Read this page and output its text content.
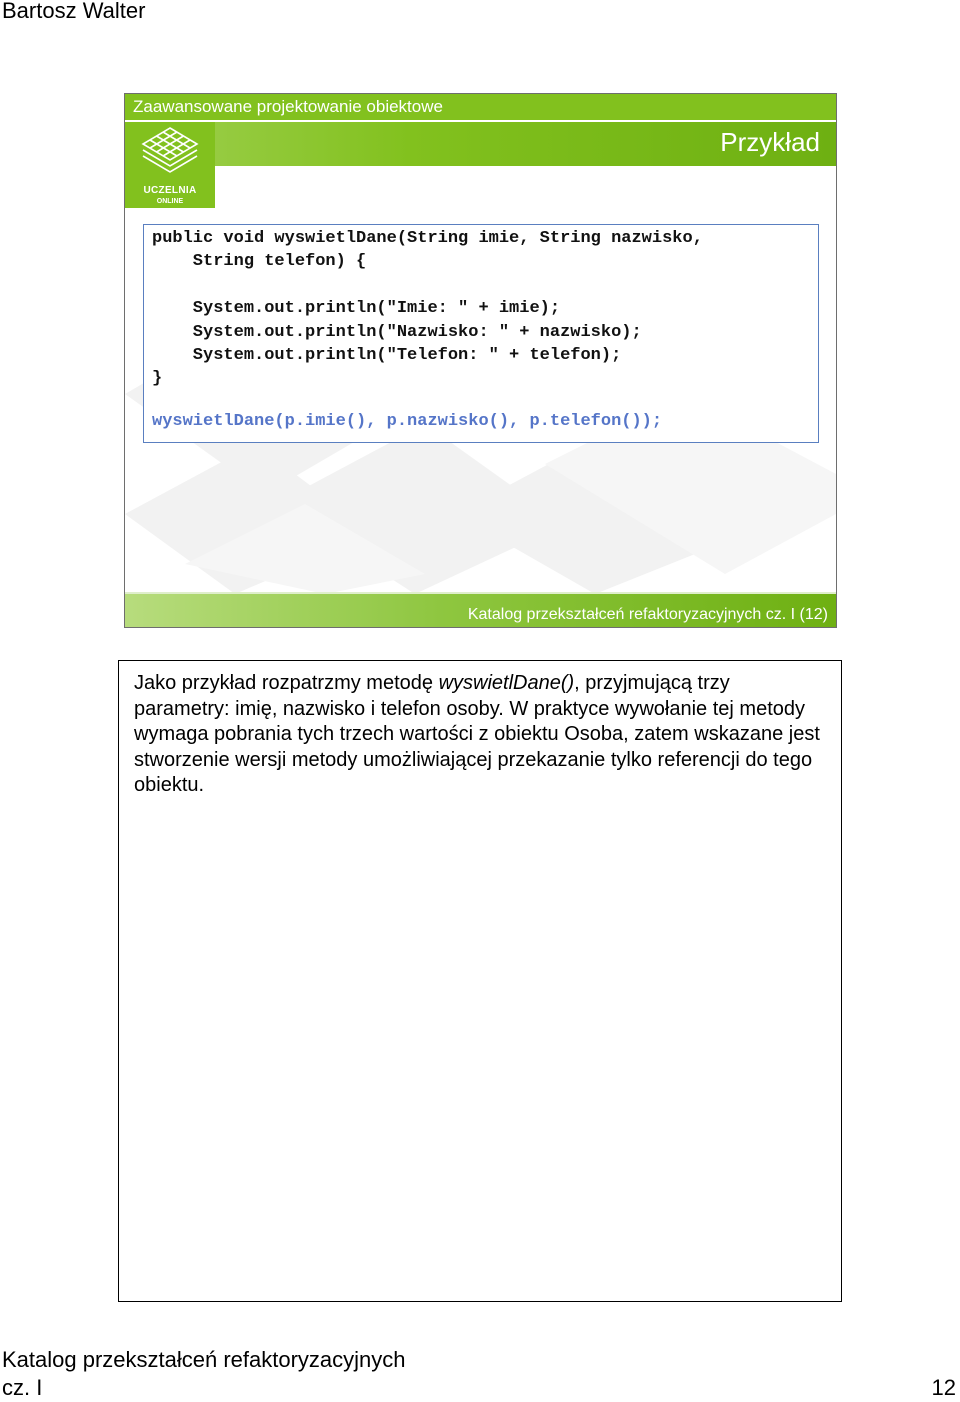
Bartosz Walter
Zaawansowane projektowanie obiektowe
Przykład
UCZELNIA
ONLINE
public void wyswietlDane(String imie, String nazwisko,
String telefon) {

System.out.println("Imie: " + imie);
System.out.println("Nazwisko: " + nazwisko);
System.out.println("Telefon: " + telefon);
}
wyswietlDane(p.imie(), p.nazwisko(), p.telefon());
Katalog przekształceń refaktoryzacyjnych cz. I (12)

Jako przykład rozpatrzmy metodę wyswietlDane(), przyjmującą trzy parametry: imię, nazwisko i telefon osoby. W praktyce wywołanie tej metody wymaga pobrania tych trzech wartości z obiektu Osoba, zatem wskazane jest stworzenie wersji metody umożliwiającej przekazanie tylko referencji do tego obiektu.

Katalog przekształceń refaktoryzacyjnych
cz. I	12
